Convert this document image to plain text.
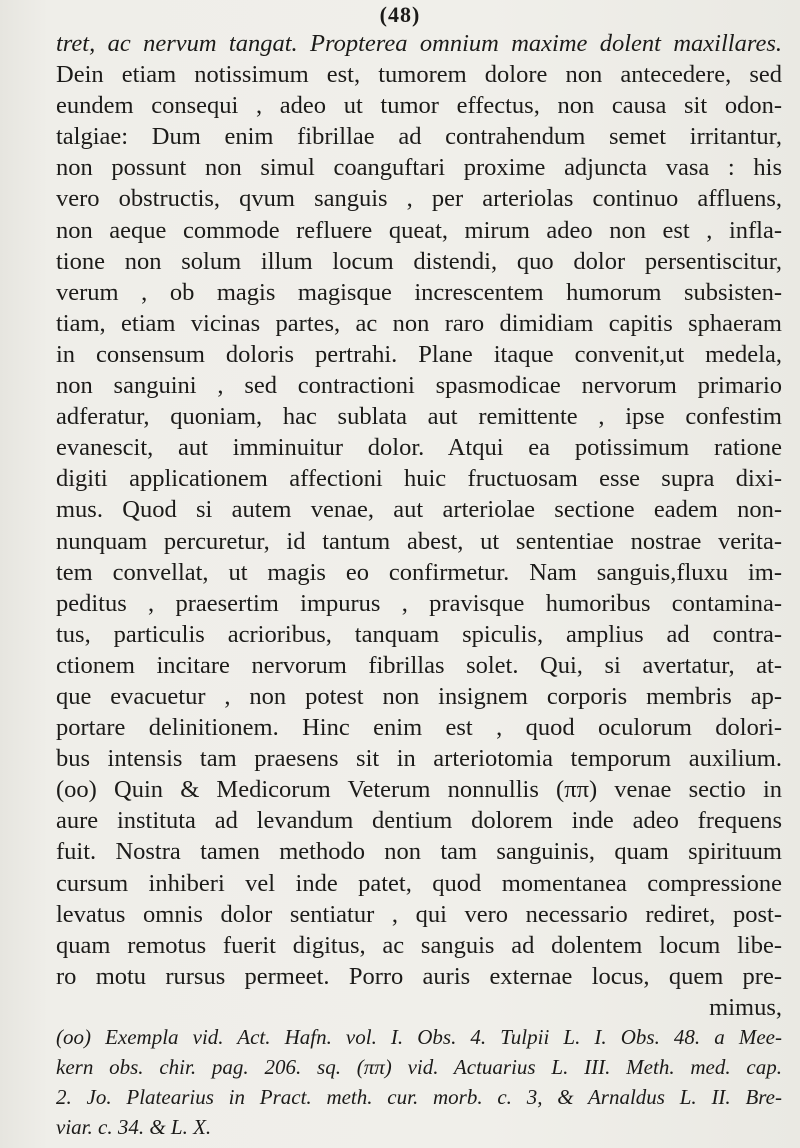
(48)
tret, ac nervum tangat. Propterea omnium maxime dolent maxillares.
Dein etiam notissimum est, tumorem dolore non antecedere, sed
eundem consequi , adeo ut tumor effectus, non causa sit odon-
talgiae: Dum enim fibrillae ad contrahendum semet irritantur,
non possunt non simul coanguftari proxime adjuncta vasa : his
vero obstructis, qvum sanguis , per arteriolas continuo affluens,
non aeque commode refluere queat, mirum adeo non est , infla-
tione non solum illum locum distendi, quo dolor persentiscitur,
verum , ob magis magisque increscentem humorum subsisten-
tiam, etiam vicinas partes, ac non raro dimidiam capitis sphaeram
in consensum doloris pertrahi. Plane itaque convenit,ut medela,
non sanguini , sed contractioni spasmodicae nervorum primario
adferatur, quoniam, hac sublata aut remittente , ipse confestim
evanescit, aut imminuitur dolor. Atqui ea potissimum ratione
digiti applicationem affectioni huic fructuosam esse supra dixi-
mus. Quod si autem venae, aut arteriolae sectione eadem non-
nunquam percuretur, id tantum abest, ut sententiae nostrae verita-
tem convellat, ut magis eo confirmetur. Nam sanguis,fluxu im-
peditus , praesertim impurus , pravisque humoribus contamina-
tus, particulis acrioribus, tanquam spiculis, amplius ad contra-
ctionem incitare nervorum fibrillas solet. Qui, si avertatur, at-
que evacuetur , non potest non insignem corporis membris ap-
portare delinitionem. Hinc enim est , quod oculorum dolori-
bus intensis tam praesens sit in arteriotomia temporum auxilium.
(oo) Quin & Medicorum Veterum nonnullis (ππ) venae sectio in
aure instituta ad levandum dentium dolorem inde adeo frequens
fuit. Nostra tamen methodo non tam sanguinis, quam spirituum
cursum inhiberi vel inde patet, quod momentanea compressione
levatus omnis dolor sentiatur , qui vero necessario rediret, post-
quam remotus fuerit digitus, ac sanguis ad dolentem locum libe-
ro motu rursus permeet. Porro auris externae locus, quem pre-
mimus,
(oo) Exempla vid. Act. Hafn. vol. I. Obs. 4. Tulpii L. I. Obs. 48. a Mee-
kern obs. chir. pag. 206. sq. (ππ) vid. Actuarius L. III. Meth. med. cap.
2. Jo. Platearius in Pract. meth. cur. morb. c. 3, & Arnaldus L. II. Bre-
viar. c. 34. & L. X.
